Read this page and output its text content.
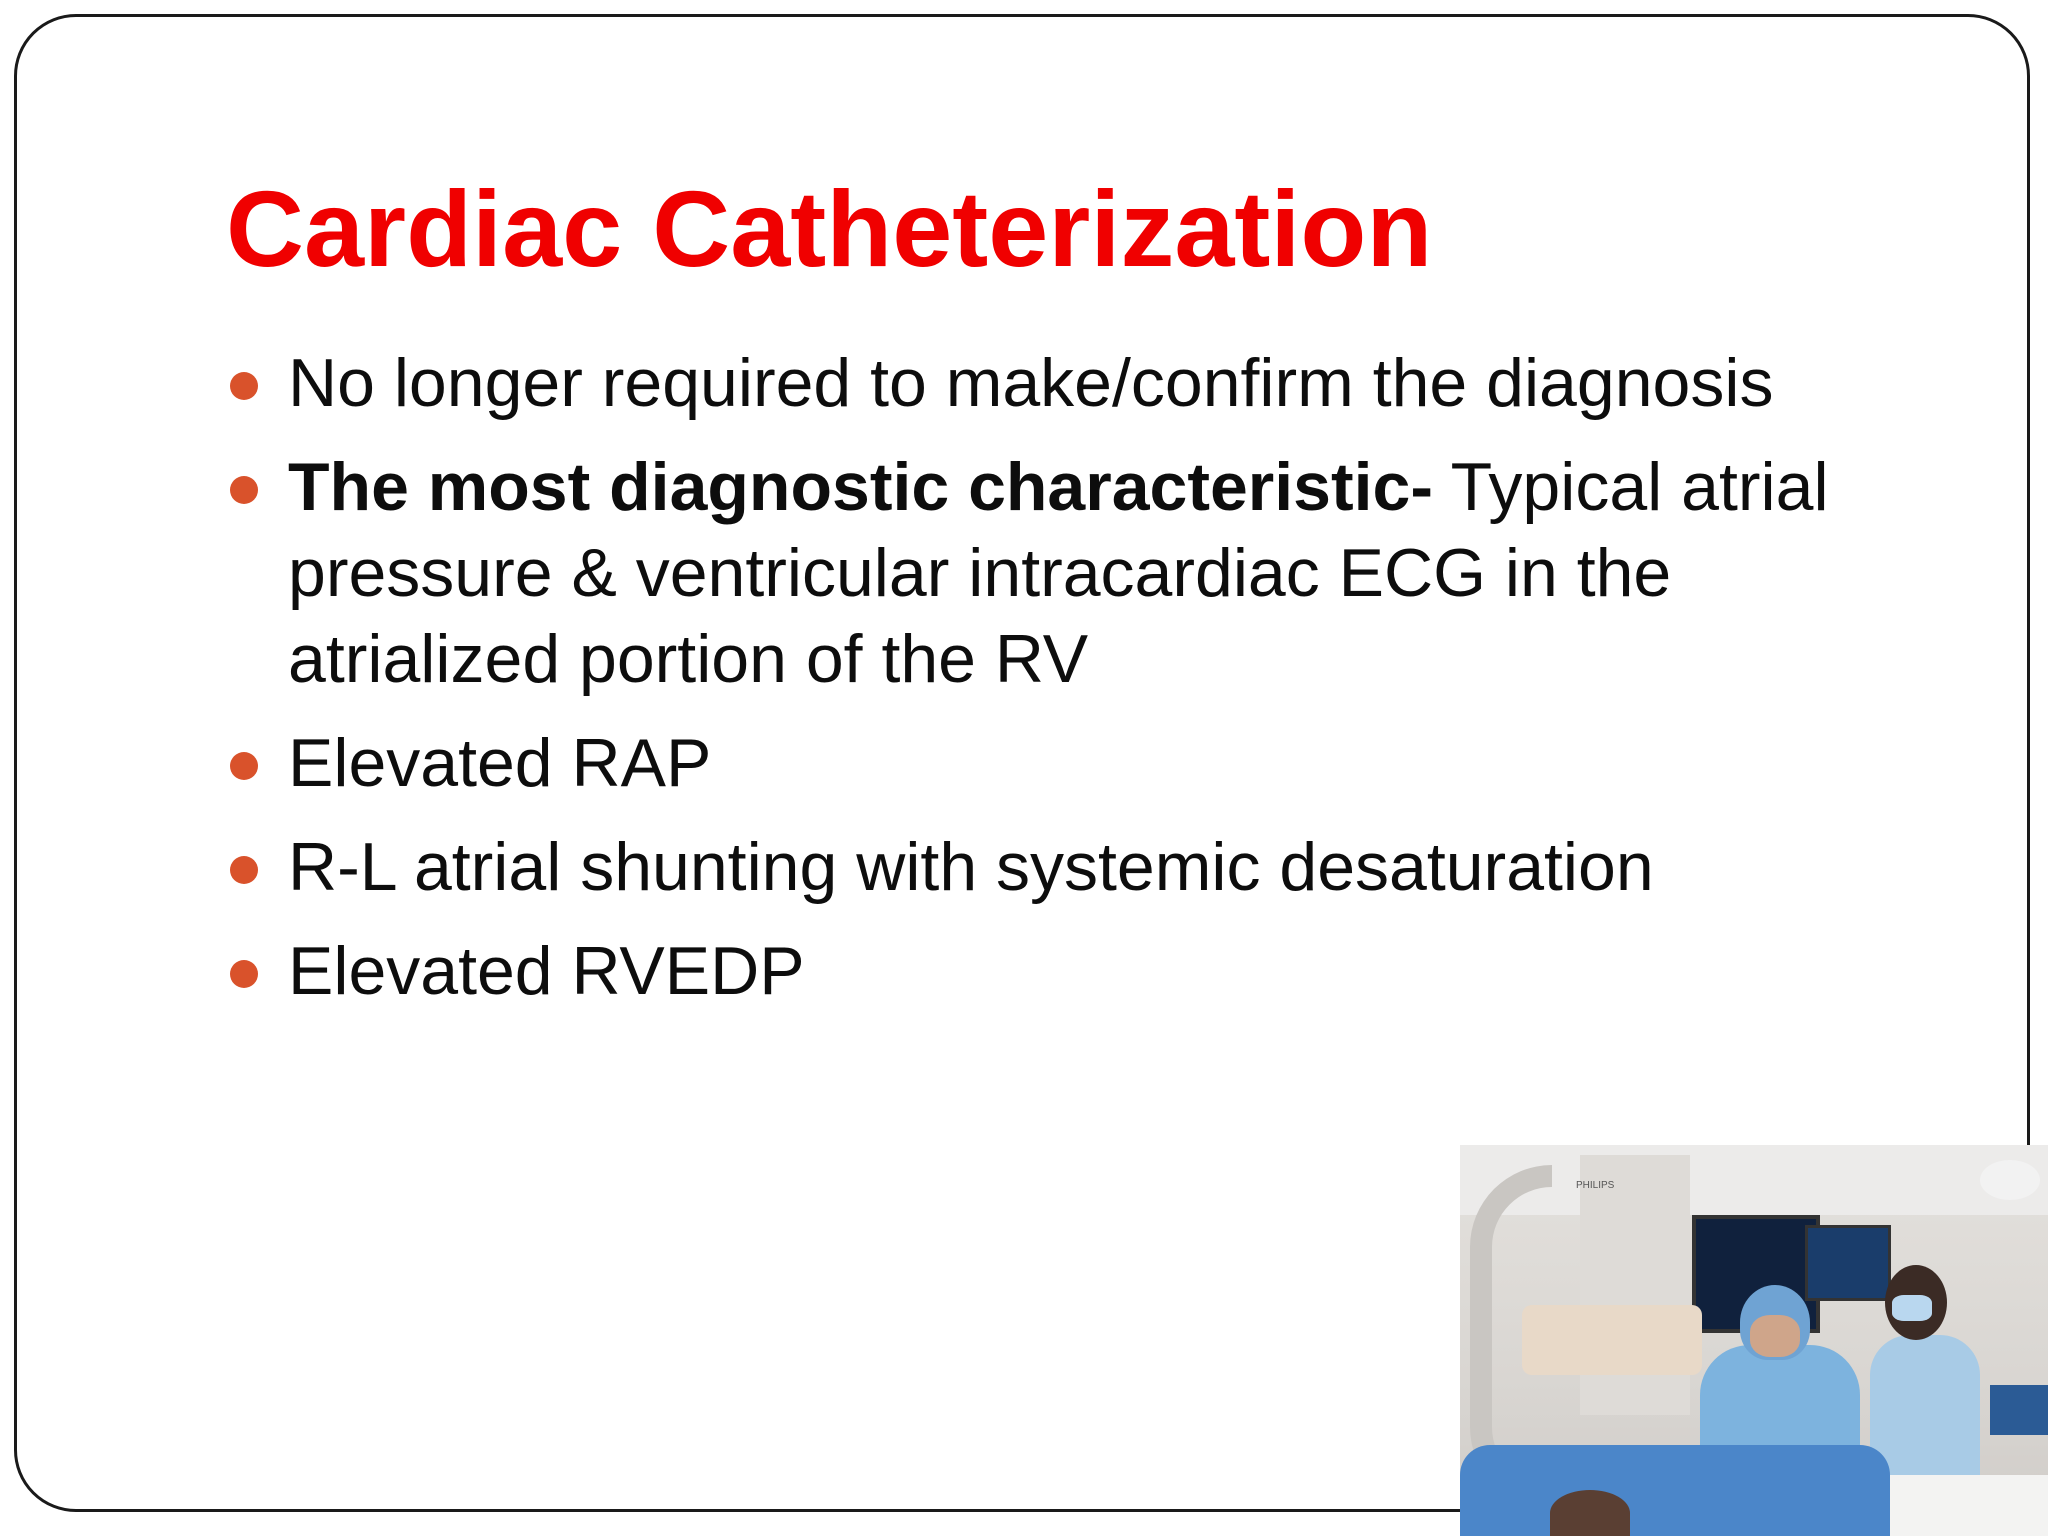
Cardiac Catheterization
No longer required to make/confirm the diagnosis
The most diagnostic characteristic- Typical atrial pressure & ventricular intracardiac ECG in the atrialized portion of the RV
Elevated RAP
R-L atrial shunting with systemic desaturation
Elevated RVEDP
PHILIPS
